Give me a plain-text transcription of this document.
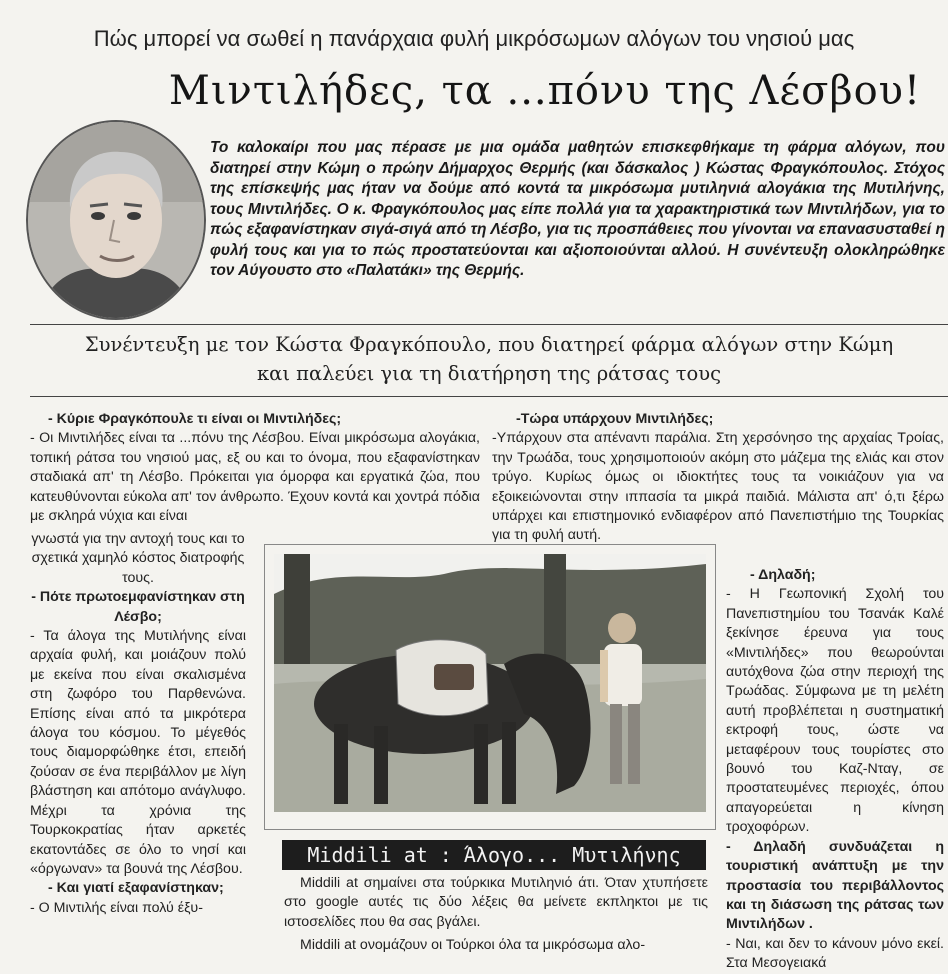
Πώς μπορεί να σωθεί η πανάρχαια φυλή μικρόσωμων αλόγων του νησιού μας
Μιντιλήδες, τα ...πόνυ της Λέσβου!
Το καλοκαίρι που μας πέρασε με μια ομάδα μαθητών επισκεφθήκαμε τη φάρμα αλόγων, που διατηρεί στην Κώμη ο πρώην Δήμαρχος Θερμής (και δάσκαλος ) Κώστας Φραγκόπουλος. Στόχος της επίσκεψής μας ήταν να δούμε από κοντά τα μικρόσωμα μυτιληνιά αλογάκια της Μυτιλήνης, τους Μιντιλήδες. Ο κ. Φραγκόπουλος μας είπε πολλά για τα χαρακτηριστικά των Μιντιλήδων, για το πώς εξαφανίστηκαν σιγά-σιγά από τη Λέσβο, για τις προσπάθειες που γίνονται να επανασυσταθεί η φυλή τους και για το πώς προστατεύονται και αξιοποιούνται αλλού. Η συνέντευξη ολοκληρώθηκε τον Αύγουστο στο «Παλατάκι» της Θερμής.
Συνέντευξη με τον Κώστα Φραγκόπουλο, που διατηρεί φάρμα αλόγων στην Κώμη
και παλεύει για τη διατήρηση της ράτσας τους

- Κύριε Φραγκόπουλε τι είναι οι Μιντιλήδες;

- Οι Μιντιλήδες είναι τα ...πόνυ της Λέσβου. Είναι μικρόσωμα αλογάκια, τοπική ράτσα του νησιού μας, εξ ου και το όνομα, που εξαφανίστηκαν σταδιακά απ' τη Λέσβο. Πρόκειται για όμορφα και εργατικά ζώα, που κατευθύνονται εύκολα απ' τον άνθρωπο. Έχουν κοντά και χοντρά πόδια με σκληρά νύχια και είναι

γνωστά για την αντοχή τους και το σχετικά χαμηλό κόστος διατροφής τους.

- Πότε πρωτοεμφανίστηκαν στη Λέσβο;

- Τα άλογα της Μυτιλήνης είναι αρχαία φυλή, και μοιάζουν πολύ με εκείνα που είναι σκαλισμένα στη ζωφόρο του Παρθενώνα. Επίσης είναι από τα μικρότερα άλογα του κόσμου. Το μέγεθός τους διαμορφώθηκε έτσι, επειδή ζούσαν σε ένα περιβάλλον με λίγη βλάστηση και απότομο ανάγλυφο. Μέχρι τα χρόνια της Τουρκοκρατίας ήταν αρκετές εκατοντάδες σε όλο το νησί και «όργωναν» τα βουνά της Λέσβου.

- Και γιατί εξαφανίστηκαν;

- Ο Μιντιλής είναι πολύ έξυ-

-Τώρα υπάρχουν Μιντιλήδες;

-Υπάρχουν στα απέναντι παράλια. Στη χερσόνησο της αρχαίας Τροίας, την Τρωάδα, τους χρησιμοποιούν ακόμη στο μάζεμα της ελιάς και στον τρύγο. Κυρίως όμως οι ιδιοκτήτες τους τα νοικιάζουν για να εξοικειώνονται στην ιππασία τα μικρά παιδιά. Μάλιστα απ' ό,τι ξέρω υπάρχει και επιστημονικό ενδιαφέρον από Πανεπιστήμιο της Τουρκίας για τη φυλή αυτή.

- Δηλαδή;

- Η Γεωπονική Σχολή του Πανεπιστημίου του Τσανάκ Καλέ ξεκίνησε έρευνα για τους «Μιντιλήδες» που θεωρούνται αυτόχθονα ζώα στην περιοχή της Τρωάδας. Σύμφωνα με τη μελέτη αυτή προβλέπεται η συστηματική εκτροφή τους, ώστε να μεταφέρουν τους τουρίστες στο βουνό του Καζ-Νταγ, σε προστατευμένες περιοχές, όπου απαγορεύεται η κίνηση τροχοφόρων.

- Δηλαδή συνδυάζεται η τουριστική ανάπτυξη με την προστασία του περιβάλλοντος και τη διάσωση της ράτσας των Μιντιλήδων .

- Ναι, και δεν το κάνουν μόνο εκεί. Στα Μεσογειακά

Middili at : Άλογο... Μυτιλήνης

Middili at σημαίνει στα τούρκικα Μυτιληνιό άτι. Όταν χτυπήσετε στο google αυτές τις δύο λέξεις θα μείνετε εκπληκτοι με τις ιστοσελίδες που θα σας βγάλει.

Middili at ονομάζουν οι Τούρκοι όλα τα μικρόσωμα αλο-
